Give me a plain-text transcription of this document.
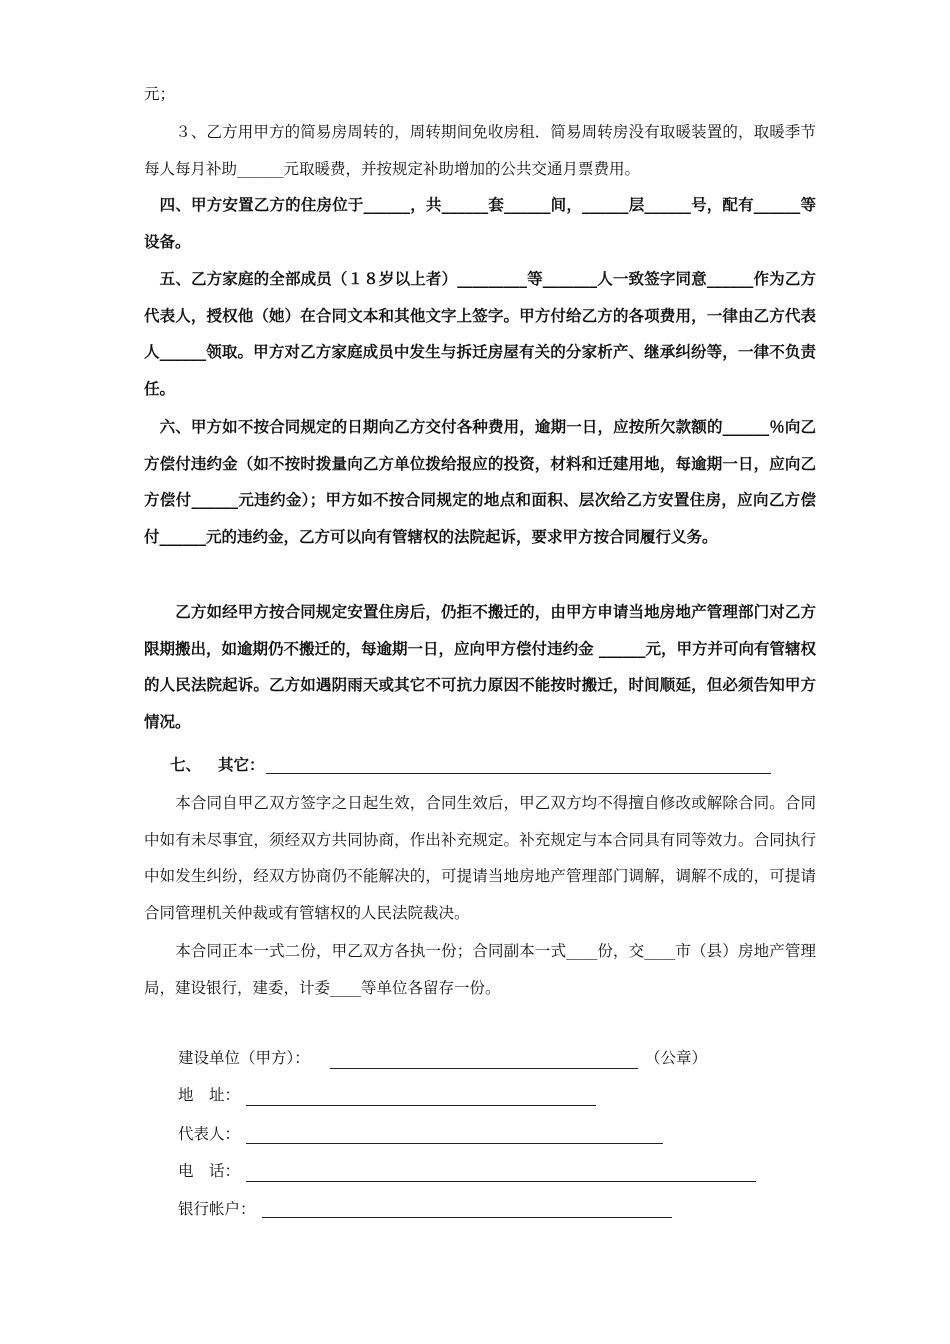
元；

　　３、乙方用甲方的简易房周转的，周转期间免收房租．简易周转房没有取暖装置的，取暖季节每人每月补助______元取暖费，并按规定补助增加的公共交通月票费用。

　四、甲方安置乙方的住房位于______，共______套______间，______层______号，配有______等设备。

　五、乙方家庭的全部成员（１８岁以上者）_________等_______人一致签字同意______作为乙方代表人，授权他（她）在合同文本和其他文字上签字。甲方付给乙方的各项费用，一律由乙方代表人______领取。甲方对乙方家庭成员中发生与拆迁房屋有关的分家析产、继承纠纷等，一律不负责任。

　六、甲方如不按合同规定的日期向乙方交付各种费用，逾期一日，应按所欠款额的______％向乙方偿付违约金（如不按时拨量向乙方单位拨给报应的投资，材料和迁建用地，每逾期一日，应向乙方偿付______元违约金）；甲方如不按合同规定的地点和面积、层次给乙方安置住房，应向乙方偿付______元的违约金，乙方可以向有管辖权的法院起诉，要求甲方按合同履行义务。

　　乙方如经甲方按合同规定安置住房后，仍拒不搬迁的，由甲方申请当地房地产管理部门对乙方限期搬出，如逾期仍不搬迁的，每逾期一日，应向甲方偿付违约金 ______元，甲方并可向有管辖权的人民法院起诉。乙方如遇阴雨天或其它不可抗力原因不能按时搬迁，时间顺延，但必须告知甲方情况。

七、 其它：

　　本合同自甲乙双方签字之日起生效，合同生效后，甲乙双方均不得擅自修改或解除合同。合同中如有未尽事宜，须经双方共同协商，作出补充规定。补充规定与本合同具有同等效力。合同执行中如发生纠纷，经双方协商仍不能解决的，可提请当地房地产管理部门调解，调解不成的，可提请合同管理机关仲裁或有管辖权的人民法院裁决。

　　本合同正本一式二份，甲乙双方各执一份；合同副本一式____份，交____市（县）房地产管理局，建设银行，建委，计委____等单位各留存一份。

建设单位（甲方）：	（公章）
地　址：
代表人：
电　话：
银行帐户：
